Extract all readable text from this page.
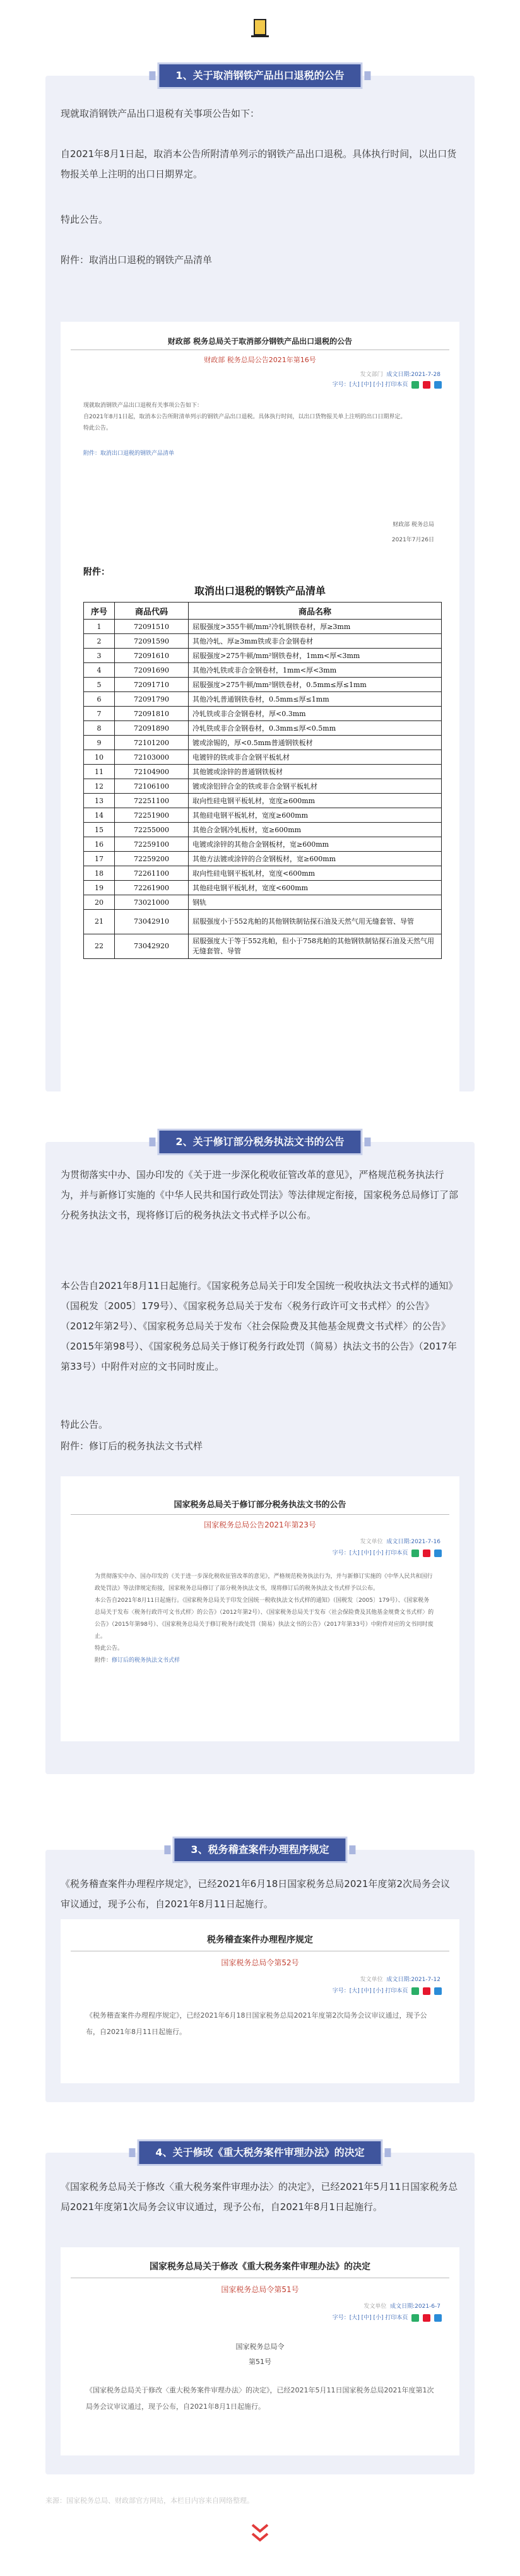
1、关于取消钢铁产品出口退税的公告
现就取消钢铁产品出口退税有关事项公告如下：
自2021年8月1日起，取消本公告所附清单列示的钢铁产品出口退税。具体执行时间，以出口货物报关单上注明的出口日期界定。
特此公告。
附件：取消出口退税的钢铁产品清单
财政部 税务总局关于取消部分钢铁产品出口退税的公告
财政部 税务总局公告2021年第16号
发文部门 成文日期:2021-7-28
字号：[大] [中] [小] 打印本页
现就取消钢铁产品出口退税有关事项公告如下：
自2021年8月1日起，取消本公告所附清单列示的钢铁产品出口退税。具体执行时间，以出口货物报关单上注明的出口日期界定。
特此公告。
附件：取消出口退税的钢铁产品清单
财政部 税务总局
2021年7月26日
附件：
取消出口退税的钢铁产品清单
序号	商品代码	商品名称
1	72091510	屈服强度>355牛顿/mm²冷轧钢铁卷材，厚≥3mm
2	72091590	其他冷轧、厚≥3mm铁或非合金钢卷材
3	72091610	屈服强度>275牛顿/mm²钢铁卷材，1mm<厚<3mm
4	72091690	其他冷轧铁或非合金钢卷材，1mm<厚<3mm
5	72091710	屈服强度>275牛顿/mm²钢铁卷材，0.5mm≤厚≤1mm
6	72091790	其他冷轧普通钢铁卷材，0.5mm≤厚≤1mm
7	72091810	冷轧铁或非合金钢卷材，厚<0.3mm
8	72091890	冷轧铁或非合金钢卷材，0.3mm≤厚<0.5mm
9	72101200	镀或涂锡的，厚<0.5mm普通钢铁板材
10	72103000	电镀锌的铁或非合金钢平板轧材
11	72104900	其他镀或涂锌的普通钢铁板材
12	72106100	镀或涂铝锌合金的铁或非合金钢平板轧材
13	72251100	取向性硅电钢平板轧材，宽度≥600mm
14	72251900	其他硅电钢平板轧材，宽度≥600mm
15	72255000	其他合金钢冷轧板材，宽≥600mm
16	72259100	电镀或涂锌的其他合金钢板材，宽≥600mm
17	72259200	其他方法镀或涂锌的合金钢板材，宽≥600mm
18	72261100	取向性硅电钢平板轧材，宽度<600mm
19	72261900	其他硅电钢平板轧材，宽度<600mm
20	73021000	钢轨
21	73042910	屈服强度小于552兆帕的其他钢铁制钻探石油及天然气用无缝套管、导管
22	73042920	屈服强度大于等于552兆帕，但小于758兆帕的其他钢铁制钻探石油及天然气用无缝套管、导管
2、关于修订部分税务执法文书的公告
为贯彻落实中办、国办印发的《关于进一步深化税收征管改革的意见》，严格规范税务执法行为，并与新修订实施的《中华人民共和国行政处罚法》等法律规定衔接，国家税务总局修订了部分税务执法文书，现将修订后的税务执法文书式样予以公布。
本公告自2021年8月11日起施行。《国家税务总局关于印发全国统一税收执法文书式样的通知》（国税发〔2005〕179号）、《国家税务总局关于发布〈税务行政许可文书式样〉的公告》（2012年第2号）、《国家税务总局关于发布〈社会保险费及其他基金规费文书式样〉的公告》（2015年第98号）、《国家税务总局关于修订税务行政处罚（简易）执法文书的公告》（2017年第33号）中附件对应的文书同时废止。
特此公告。
附件：修订后的税务执法文书式样
国家税务总局关于修订部分税务执法文书的公告
国家税务总局公告2021年第23号
发文单位 成文日期:2021-7-16
字号：[大] [中] [小] 打印本页
为贯彻落实中办、国办印发的《关于进一步深化税收征管改革的意见》，严格规范税务执法行为，并与新修订实施的《中华人民共和国行政处罚法》等法律规定衔接，国家税务总局修订了部分税务执法文书，现将修订后的税务执法文书式样予以公布。
本公告自2021年8月11日起施行。《国家税务总局关于印发全国统一税收执法文书式样的通知》（国税发〔2005〕179号）、《国家税务总局关于发布〈税务行政许可文书式样〉的公告》（2012年第2号）、《国家税务总局关于发布〈社会保险费及其他基金规费文书式样〉的公告》（2015年第98号）、《国家税务总局关于修订税务行政处罚（简易）执法文书的公告》（2017年第33号）中附件对应的文书同时废止。
特此公告。
附件：修订后的税务执法文书式样
3、税务稽查案件办理程序规定
《税务稽查案件办理程序规定》，已经2021年6月18日国家税务总局2021年度第2次局务会议审议通过，现予公布，自2021年8月11日起施行。
税务稽查案件办理程序规定
国家税务总局令第52号
发文单位 成文日期:2021-7-12
字号：[大] [中] [小] 打印本页
《税务稽查案件办理程序规定》，已经2021年6月18日国家税务总局2021年度第2次局务会议审议通过，现予公布，自2021年8月11日起施行。
4、关于修改《重大税务案件审理办法》的决定
《国家税务总局关于修改〈重大税务案件审理办法〉的决定》，已经2021年5月11日国家税务总局2021年度第1次局务会议审议通过，现予公布，自2021年8月1日起施行。
国家税务总局关于修改《重大税务案件审理办法》的决定
国家税务总局令第51号
发文单位 成文日期:2021-6-7
字号：[大] [中] [小] 打印本页
国家税务总局令
第51号
《国家税务总局关于修改〈重大税务案件审理办法〉的决定》，已经2021年5月11日国家税务总局2021年度第1次局务会议审议通过，现予公布，自2021年8月1日起施行。
来源：国家税务总局、财政部官方网站，本栏目内容来自网络整理。
